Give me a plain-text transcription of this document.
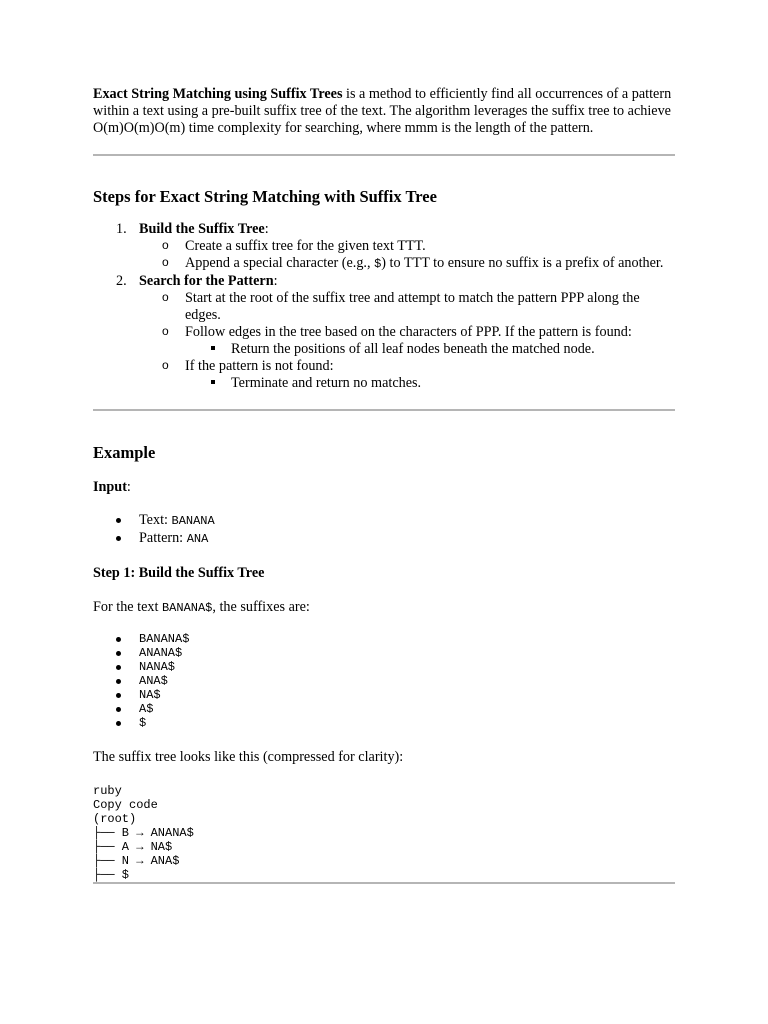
Exact String Matching using Suffix Trees is a method to efficiently find all occurrences of a pattern within a text using a pre-built suffix tree of the text. The algorithm leverages the suffix tree to achieve O(m)O(m)O(m) time complexity for searching, where mmm is the length of the pattern.

Steps for Exact String Matching with Suffix Tree
1. Build the Suffix Tree:
o Create a suffix tree for the given text TTT.
o Append a special character (e.g., $) to TTT to ensure no suffix is a prefix of another.
2. Search for the Pattern:
o Start at the root of the suffix tree and attempt to match the pattern PPP along the edges.
o Follow edges in the tree based on the characters of PPP. If the pattern is found:
Return the positions of all leaf nodes beneath the matched node.
o If the pattern is not found:
Terminate and return no matches.
Example
Input:
Text: BANANA
Pattern: ANA
Step 1: Build the Suffix Tree

For the text BANANA$, the suffixes are:

BANANA$
ANANA$
NANA$
ANA$
NA$
A$
$

The suffix tree looks like this (compressed for clarity):

ruby
Copy code
(root)
├── B → ANANA$
├── A → NA$
├── N → ANA$
├── $
